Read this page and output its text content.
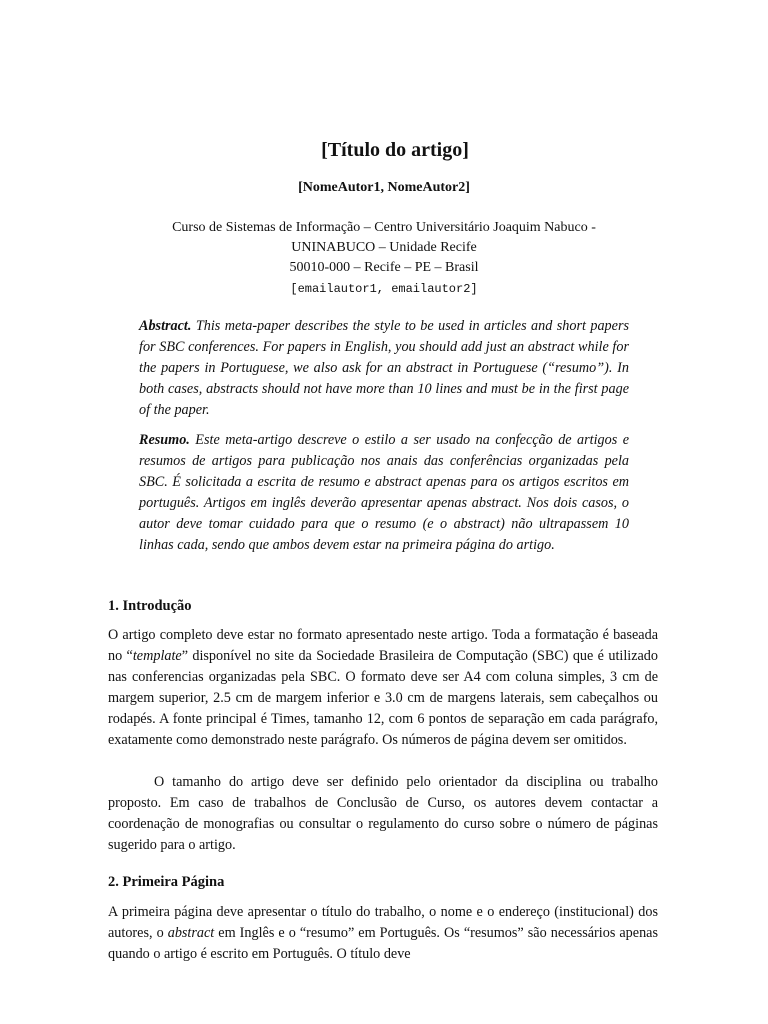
[Título do artigo]
[NomeAutor1, NomeAutor2]
Curso de Sistemas de Informação – Centro Universitário Joaquim Nabuco -
UNINABUCO – Unidade Recife
50010-000 – Recife – PE – Brasil
[emailautor1, emailautor2]
Abstract. This meta-paper describes the style to be used in articles and short papers for SBC conferences. For papers in English, you should add just an abstract while for the papers in Portuguese, we also ask for an abstract in Portuguese (“resumo”). In both cases, abstracts should not have more than 10 lines and must be in the first page of the paper.
Resumo. Este meta-artigo descreve o estilo a ser usado na confecção de artigos e resumos de artigos para publicação nos anais das conferências organizadas pela SBC. É solicitada a escrita de resumo e abstract apenas para os artigos escritos em português. Artigos em inglês deverão apresentar apenas abstract. Nos dois casos, o autor deve tomar cuidado para que o resumo (e o abstract) não ultrapassem 10 linhas cada, sendo que ambos devem estar na primeira página do artigo.
1. Introdução
O artigo completo deve estar no formato apresentado neste artigo. Toda a formatação é baseada no “template” disponível no site da Sociedade Brasileira de Computação (SBC) que é utilizado nas conferencias organizadas pela SBC. O formato deve ser A4 com coluna simples, 3 cm de margem superior, 2.5 cm de margem inferior e 3.0 cm de margens laterais, sem cabeçalhos ou rodapés. A fonte principal é Times, tamanho 12, com 6 pontos de separação em cada parágrafo, exatamente como demonstrado neste parágrafo. Os números de página devem ser omitidos.
O tamanho do artigo deve ser definido pelo orientador da disciplina ou trabalho proposto. Em caso de trabalhos de Conclusão de Curso, os autores devem contactar a coordenação de monografias ou consultar o regulamento do curso sobre o número de páginas sugerido para o artigo.
2. Primeira Página
A primeira página deve apresentar o título do trabalho, o nome e o endereço (institucional) dos autores, o abstract em Inglês e o “resumo” em Português. Os “resumos” são necessários apenas quando o artigo é escrito em Português. O título deve
